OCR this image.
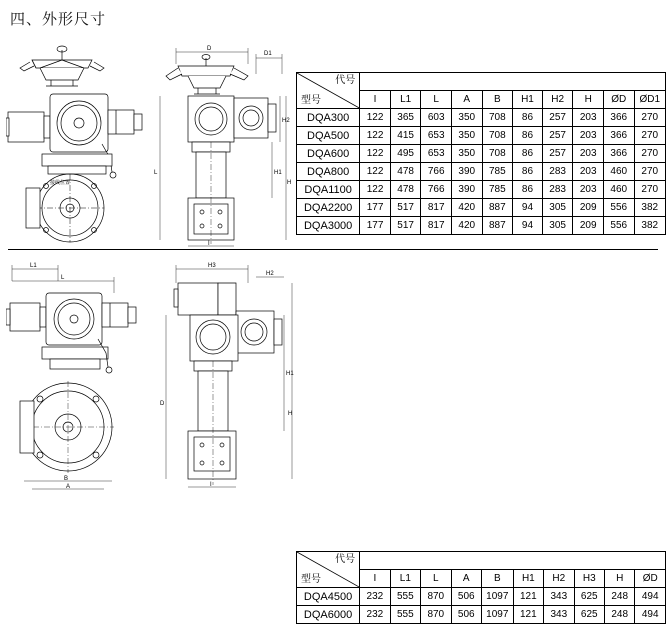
四、外形尺寸
接线位置
D
D1
H2
H1
H
I
L
代号
型号										

	I	L1	L	A	B	H1	H2	H	ØD	ØD1
DQA300	122	365	603	350	708	86	257	203	366	270
DQA500	122	415	653	350	708	86	257	203	366	270
DQA600	122	495	653	350	708	86	257	203	366	270
DQA800	122	478	766	390	785	86	283	203	460	270
DQA1100	122	478	766	390	785	86	283	203	460	270
DQA2200	177	517	817	420	887	94	305	209	556	382
DQA3000	177	517	817	420	887	94	305	209	556	382
L1
L
B
A
H3
H2
H1
H
D
I
代号
型号										

	I	L1	L	A	B	H1	H2	H3	H	ØD
DQA4500	232	555	870	506	1097	121	343	625	248	494
DQA6000	232	555	870	506	1097	121	343	625	248	494
